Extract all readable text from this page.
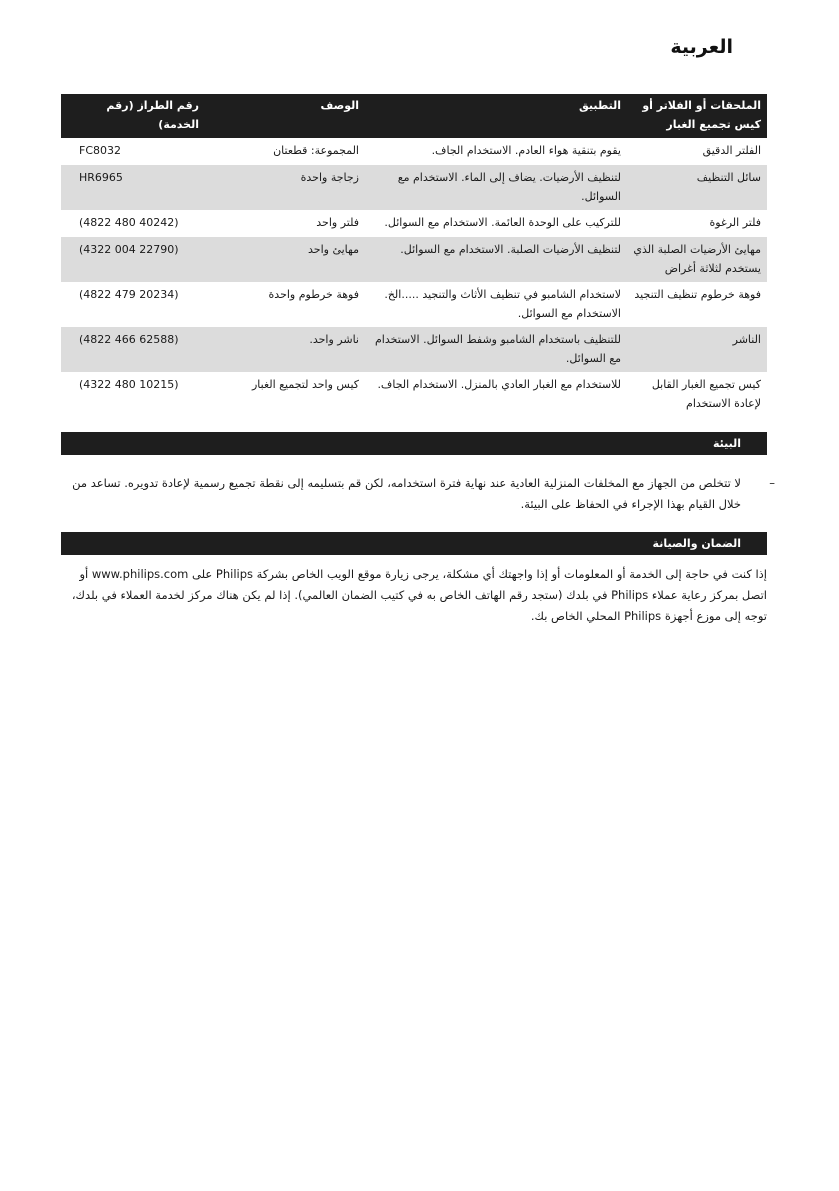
العربية
الملحقات أو الفلاتر أو كيس تجميع الغبار	التطبيق	الوصف	رقم الطراز (رقم الخدمة)
الفلتر الدقيق	يقوم بتنقية هواء العادم. الاستخدام الجاف.	المجموعة: قطعتان	FC8032
سائل التنظيف	لتنظيف الأرضيات. يضاف إلى الماء. الاستخدام مع السوائل.	زجاجة واحدة	HR6965
فلتر الرغوة	للتركيب على الوحدة العائمة. الاستخدام مع السوائل.	فلتر واحد	(4822 480 40242)
مهايئ الأرضيات الصلبة الذي يستخدم لثلاثة أغراض	لتنظيف الأرضيات الصلبة. الاستخدام مع السوائل.	مهايئ واحد	(4322 004 22790)
فوهة خرطوم تنظيف التنجيد	لاستخدام الشامبو في تنظيف الأثاث والتنجيد .....الخ. الاستخدام مع السوائل.	فوهة خرطوم واحدة	(4822 479 20234)
الناشر	للتنظيف باستخدام الشامبو وشفط السوائل. الاستخدام مع السوائل.	ناشر واحد.	(4822 466 62588)
كيس تجميع الغبار القابل لإعادة الاستخدام	للاستخدام مع الغبار العادي بالمنزل. الاستخدام الجاف.	كيس واحد لتجميع الغبار	(4322 480 10215)
البيئة
–

لا تتخلص من الجهاز مع المخلفات المنزلية العادية عند نهاية فترة استخدامه، لكن قم بتسليمه إلى نقطة تجميع رسمية لإعادة تدويره. تساعد من خلال القيام بهذا الإجراء في الحفاظ على البيئة.

الضمان والصيانة

إذا كنت في حاجة إلى الخدمة أو المعلومات أو إذا واجهتك أي مشكلة، يرجى زيارة موقع الويب الخاص بشركة Philips على www.philips.com أو اتصل بمركز رعاية عملاء Philips في بلدك (ستجد رقم الهاتف الخاص به في كتيب الضمان العالمي). إذا لم يكن هناك مركز لخدمة العملاء في بلدك، توجه إلى موزع أجهزة Philips المحلي الخاص بك.
